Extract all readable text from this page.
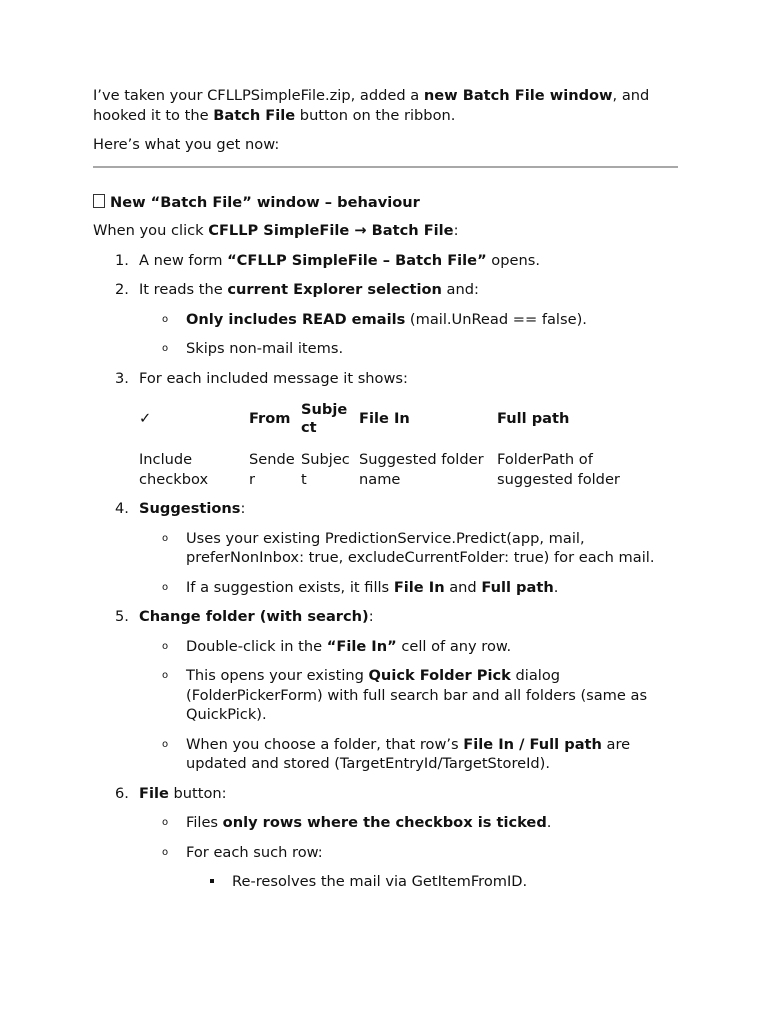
I’ve taken your CFLLPSimpleFile.zip, added a new Batch File window, and hooked it to the Batch File button on the ribbon.

Here’s what you get now:

New “Batch File” window – behaviour

When you click CFLLP SimpleFile → Batch File:

1. A new form “CFLLP SimpleFile – Batch File” opens.
2. It reads the current Explorer selection and:
o Only includes READ emails (mail.UnRead == false).
o Skips non-mail items.
3. For each included message it shows:
✓	From	Subject	File In	Full path

Include checkbox	Sender	Subject	Suggested folder name	FolderPath of suggested folder
4. Suggestions:
o Uses your existing PredictionService.Predict(app, mail, preferNonInbox: true, excludeCurrentFolder: true) for each mail.
o If a suggestion exists, it fills File In and Full path.
5. Change folder (with search):
o Double-click in the “File In” cell of any row.
o This opens your existing Quick Folder Pick dialog (FolderPickerForm) with full search bar and all folders (same as QuickPick).
o When you choose a folder, that row’s File In / Full path are updated and stored (TargetEntryId/TargetStoreId).
6. File button:
o Files only rows where the checkbox is ticked.
o For each such row:
Re-resolves the mail via GetItemFromID.
